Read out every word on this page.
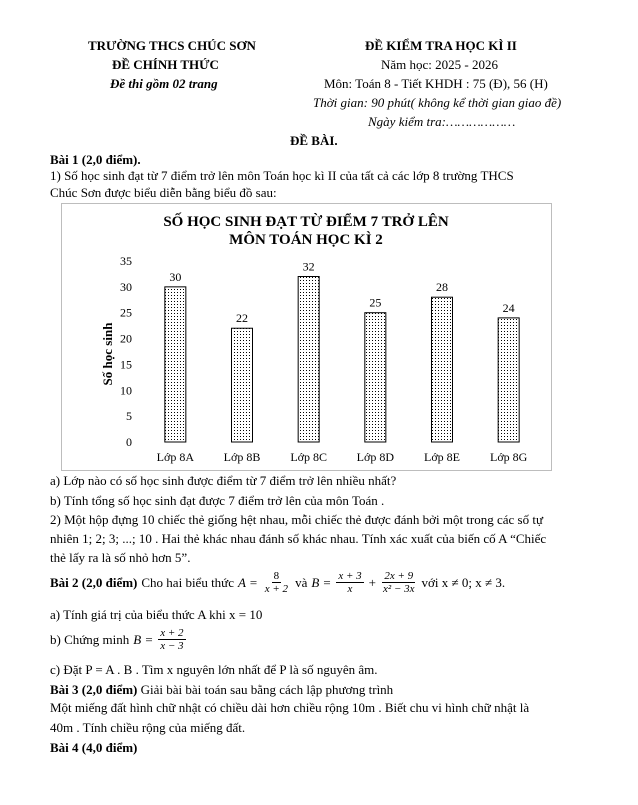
TRƯỜNG THCS CHÚC SƠN
ĐỀ CHÍNH THỨC
Đề thi gồm 02 trang
ĐỀ KIỂM TRA HỌC KÌ II
Năm học: 2025 - 2026
Môn: Toán 8 - Tiết KHDH : 75 (Đ), 56 (H)
Thời gian: 90 phút( không kể thời gian giao đề)
Ngày kiểm tra:………………
ĐỀ BÀI.
Bài 1 (2,0 điểm).
1) Số học sinh đạt từ 7 điểm trở lên môn Toán học kì II của tất cả các lớp 8 trường THCS
Chúc Sơn được biểu diễn bằng biểu đồ sau:
SỐ HỌC SINH ĐẠT TỪ ĐIỂM 7 TRỞ LÊN
MÔN TOÁN HỌC KÌ 2
Số học sinh
0
5
10
15
20
25
30
35
30
Lớp 8A
22
Lớp 8B
32
Lớp 8C
25
Lớp 8D
28
Lớp 8E
24
Lớp 8G
a) Lớp nào có số học sinh được điểm từ 7 điểm trở lên nhiều nhất?
b) Tính tổng số học sinh đạt được 7 điểm trở lên của môn Toán .
2) Một hộp đựng 10 chiếc thẻ giống hệt nhau, mỗi chiếc thẻ được đánh bởi một trong các số tự
nhiên 1; 2; 3; ...; 10 . Hai thẻ khác nhau đánh số khác nhau. Tính xác xuất của biến cố A “Chiếc
thẻ lấy ra là số nhỏ hơn 5”.
Bài 2 (2,0 điểm) Cho hai biểu thức $A = \frac{8}{x + 2}$ và $B = \frac{x + 3}{x} + \frac{2x + 9}{\text{x² − 3x}}$ với x ≠ 0; x ≠ 3.
a) Tính giá trị của biểu thức A khi x = 10
b) Chứng minh $B = \frac{x + 2}{x - 3}$
c) Đặt P = A . B . Tìm x nguyên lớn nhất để P là số nguyên âm.
Bài 3 (2,0 điểm) Giải bài bài toán sau bằng cách lập phương trình
Một miếng đất hình chữ nhật có chiều dài hơn chiều rộng 10m . Biết chu vi hình chữ nhật là
40m . Tính chiều rộng của miếng đất.
Bài 4 (4,0 điểm)
